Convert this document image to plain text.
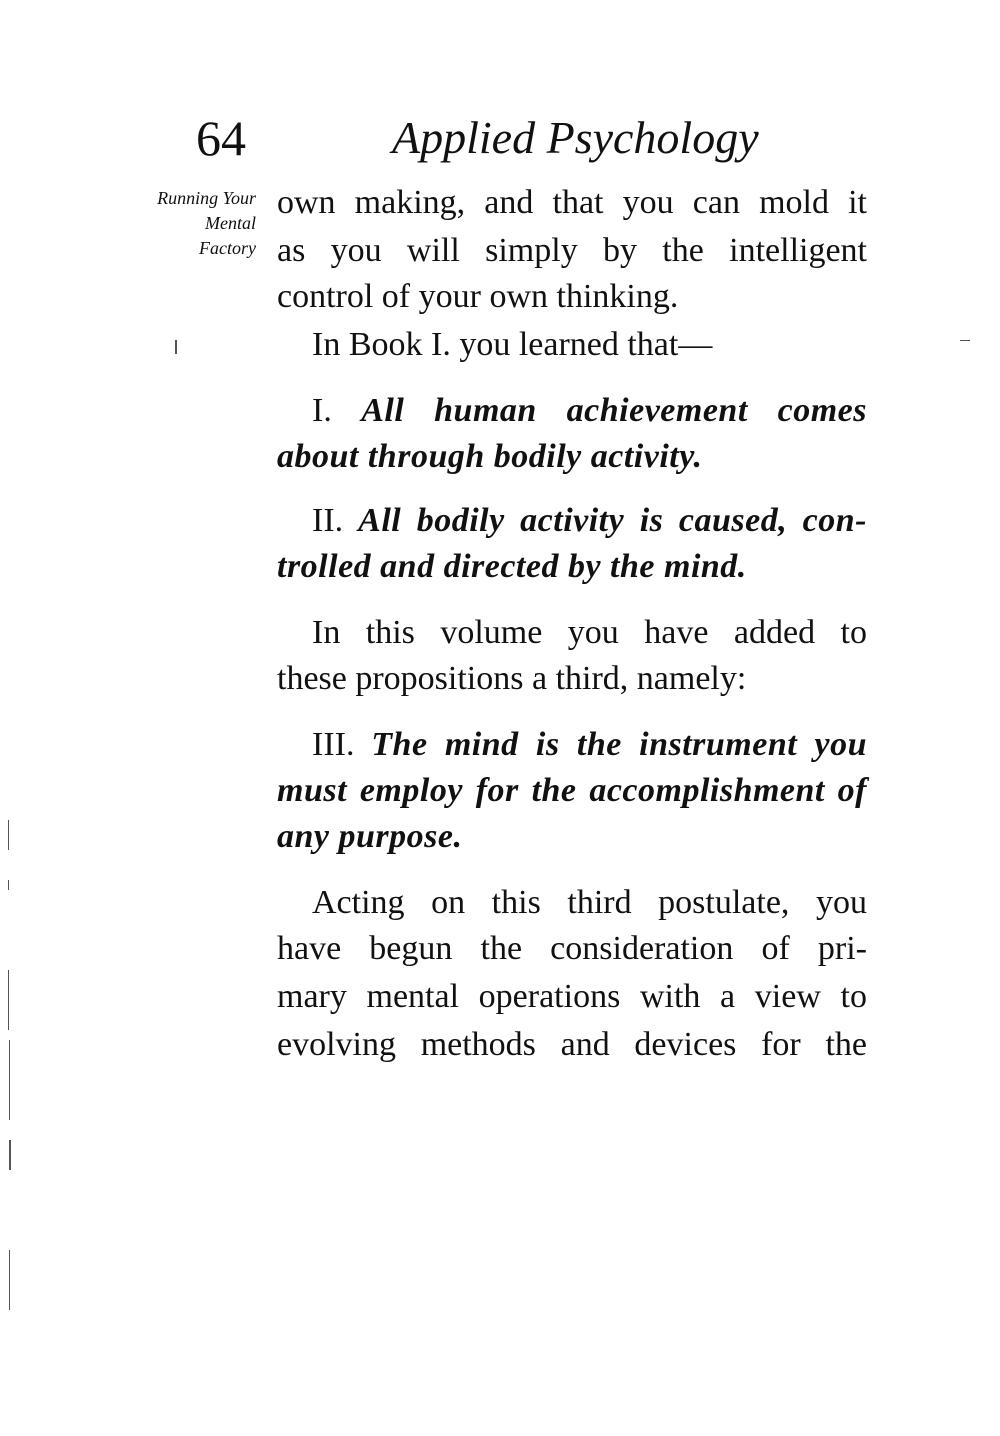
64	Applied Psychology
Running Your
Mental
Factory
own making, and that you can mold it
as you will simply by the intelligent
control of your own thinking.
In Book I. you learned that—
I. All human achievement comes
about through bodily activity.
II. All bodily activity is caused, con-
trolled and directed by the mind.
In this volume you have added to
these propositions a third, namely:
III. The mind is the instrument you
must employ for the accomplishment of
any purpose.
Acting on this third postulate, you
have begun the consideration of pri-
mary mental operations with a view to
evolving methods and devices for the
